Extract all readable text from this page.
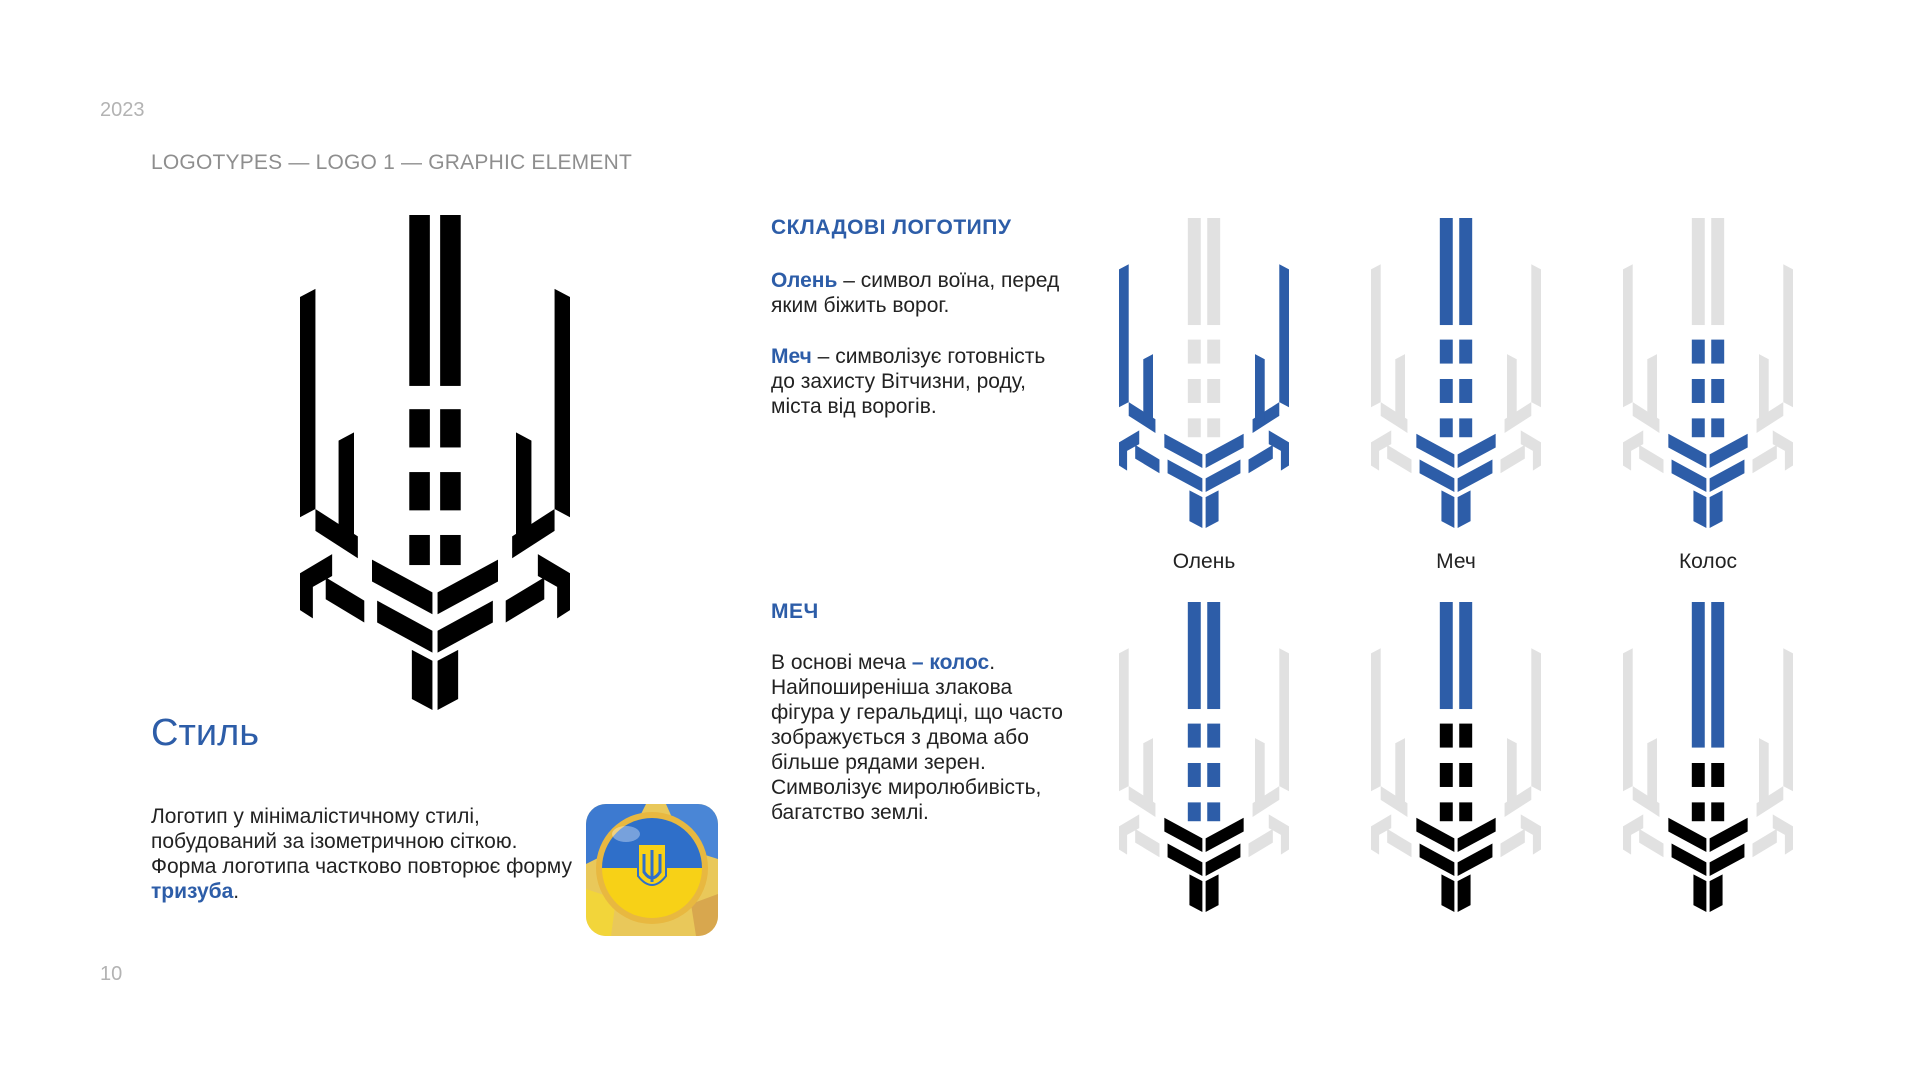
2023
LOGOTYPES — LOGO 1 — GRAPHIC ELEMENT
Стиль
Логотип у мінімалістичному стилі, побудований за ізометричною сіткою. Форма логотипа частково повторює форму тризуба.
СКЛАДОВІ ЛОГОТИПУ
Олень – символ воїна, перед яким біжить ворог.
Меч – символізує готовність до захисту Вітчизни, роду, міста від ворогів.
МЕЧ
В основі меча – колос. Найпоширеніша злакова фігура у геральдиці, що часто зображується з двома або більше рядами зерен. Символізує миролюбивість, багатство землі.
Олень	Меч	Колос
10
